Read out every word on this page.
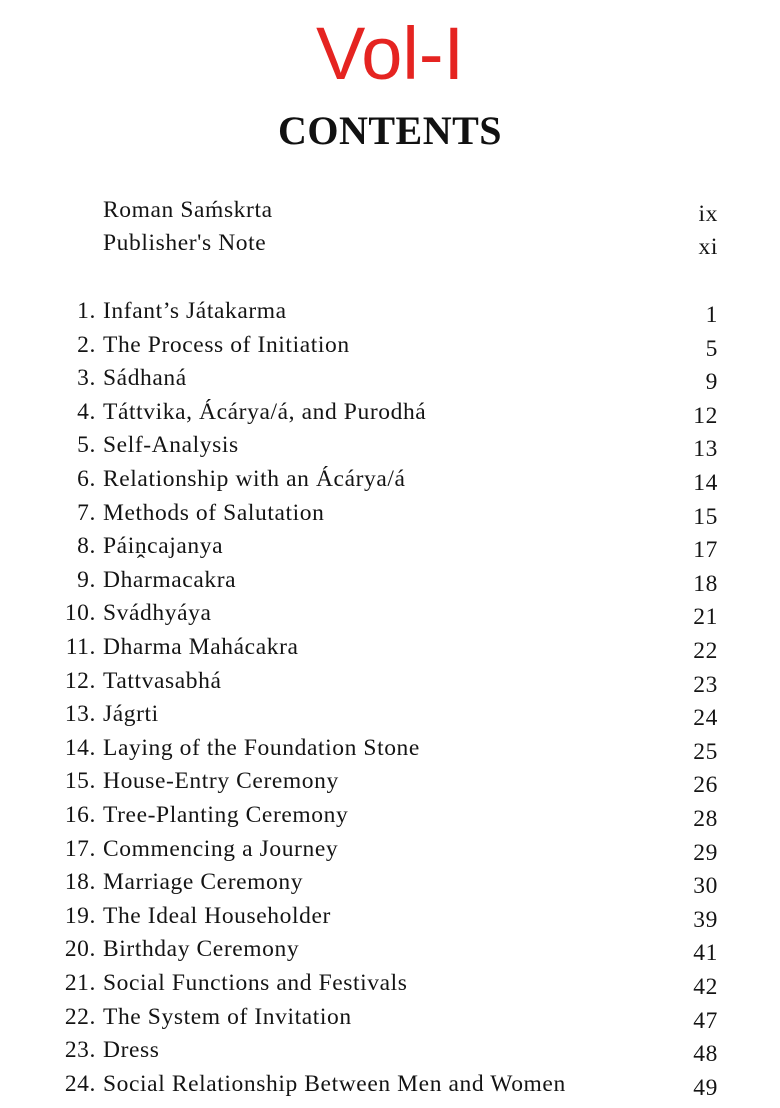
Vol-I
CONTENTS
Roman Saḿskrta	ix
Publisher's Note	xi
1. Infant’s Játakarma	1
2. The Process of Initiation	5
3. Sádhaná	9
4. Táttvika, Ácárya/á, and Purodhá	12
5. Self-Analysis	13
6. Relationship with an Ácárya/á	14
7. Methods of Salutation	15
8. Páiṋcajanya	17
9. Dharmacakra	18
10. Svádhyáya	21
11. Dharma Mahácakra	22
12. Tattvasabhá	23
13. Jágrti	24
14. Laying of the Foundation Stone	25
15. House-Entry Ceremony	26
16. Tree-Planting Ceremony	28
17. Commencing a Journey	29
18. Marriage Ceremony	30
19. The Ideal Householder	39
20. Birthday Ceremony	41
21. Social Functions and Festivals	42
22. The System of Invitation	47
23. Dress	48
24. Social Relationship Between Men and Women	49
